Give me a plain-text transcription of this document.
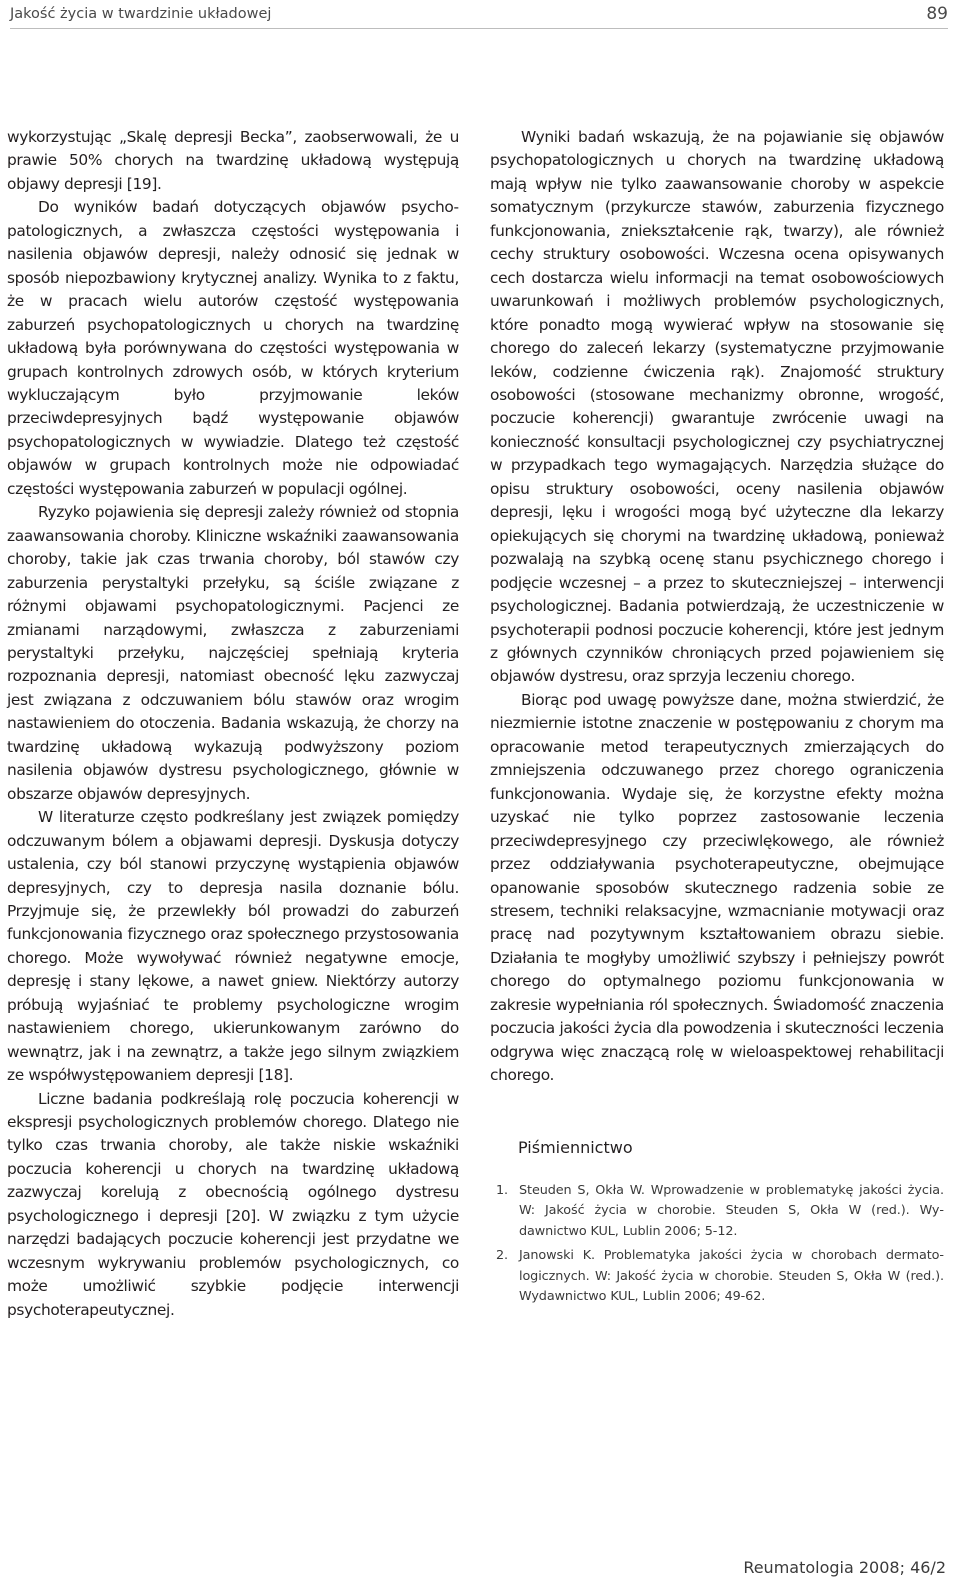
Jakość życia w twardzinie układowej	89

wykorzystując „Skalę depresji Becka”, zaobserwowali, że u prawie 50% chorych na twardzinę układową występują objawy depresji [19].

Do wyników badań dotyczących objawów psychopatologicznych, a zwłaszcza częstości występowania i nasilenia objawów depresji, należy odnosić się jednak w sposób niepozbawiony krytycznej analizy. Wynika to z faktu, że w pracach wielu autorów częstość występowania zaburzeń psychopatologicznych u chorych na twardzinę układową była porównywana do częstości występowania w grupach kontrolnych zdrowych osób, w których kryterium wykluczającym było przyjmowanie leków przeciwdepresyjnych bądź występowanie objawów psychopatologicznych w wywiadzie. Dlatego też częstość objawów w grupach kontrolnych może nie odpowiadać częstości występowania zaburzeń w populacji ogólnej.

Ryzyko pojawienia się depresji zależy również od stopnia zaawansowania choroby. Kliniczne wskaźniki zaawansowania choroby, takie jak czas trwania choroby, ból stawów czy zaburzenia perystaltyki przełyku, są ściśle związane z różnymi objawami psychopatologicznymi. Pacjenci ze zmianami narządowymi, zwłaszcza z zaburzeniami perystaltyki przełyku, najczęściej spełniają kryteria rozpoznania depresji, natomiast obecność lęku zazwyczaj jest związana z odczuwaniem bólu stawów oraz wrogim nastawieniem do otoczenia. Badania wskazują, że chorzy na twardzinę układową wykazują podwyższony poziom nasilenia objawów dystresu psychologicznego, głównie w obszarze objawów depresyjnych.

W literaturze często podkreślany jest związek pomiędzy odczuwanym bólem a objawami depresji. Dyskusja dotyczy ustalenia, czy ból stanowi przyczynę wystąpienia objawów depresyjnych, czy to depresja nasila doznanie bólu. Przyjmuje się, że przewlekły ból prowadzi do zaburzeń funkcjonowania fizycznego oraz społecznego przystosowania chorego. Może wywoływać również negatywne emocje, depresję i stany lękowe, a nawet gniew. Niektórzy autorzy próbują wyjaśniać te problemy psychologiczne wrogim nastawieniem chorego, ukierunkowanym zarówno do wewnątrz, jak i na zewnątrz, a także jego silnym związkiem ze współwystępowaniem depresji [18].

Liczne badania podkreślają rolę poczucia koherencji w ekspresji psychologicznych problemów chorego. Dlatego nie tylko czas trwania choroby, ale także niskie wskaźniki poczucia koherencji u chorych na twardzinę układową zazwyczaj korelują z obecnością ogólnego dystresu psychologicznego i depresji [20]. W związku z tym użycie narzędzi badających poczucie koherencji jest przydatne we wczesnym wykrywaniu problemów psychologicznych, co może umożliwić szybkie podjęcie interwencji psychoterapeutycznej.

Wyniki badań wskazują, że na pojawianie się objawów psychopatologicznych u chorych na twardzinę układową mają wpływ nie tylko zaawansowanie choroby w aspekcie somatycznym (przykurcze stawów, zaburzenia fizycznego funkcjonowania, zniekształcenie rąk, twarzy), ale również cechy struktury osobowości. Wczesna ocena opisywanych cech dostarcza wielu informacji na temat osobowościowych uwarunkowań i możliwych problemów psychologicznych, które ponadto mogą wywierać wpływ na stosowanie się chorego do zaleceń lekarzy (systematyczne przyjmowanie leków, codzienne ćwiczenia rąk). Znajomość struktury osobowości (stosowane mechanizmy obronne, wrogość, poczucie koherencji) gwarantuje zwrócenie uwagi na konieczność konsultacji psychologicznej czy psychiatrycznej w przypadkach tego wymagających. Narzędzia służące do opisu struktury osobowości, oceny nasilenia objawów depresji, lęku i wrogości mogą być użyteczne dla lekarzy opiekujących się chorymi na twardzinę układową, ponieważ pozwalają na szybką ocenę stanu psychicznego chorego i podjęcie wczesnej – a przez to skuteczniejszej – interwencji psychologicznej. Badania potwierdzają, że uczestniczenie w psychoterapii podnosi poczucie koherencji, które jest jednym z głównych czynników chroniących przed pojawieniem się objawów dystresu, oraz sprzyja leczeniu chorego.

Biorąc pod uwagę powyższe dane, można stwierdzić, że niezmiernie istotne znaczenie w postępowaniu z chorym ma opracowanie metod terapeutycznych zmierzających do zmniejszenia odczuwanego przez chorego ograniczenia funkcjonowania. Wydaje się, że korzystne efekty można uzyskać nie tylko poprzez zastosowanie leczenia przeciwdepresyjnego czy przeciwlękowego, ale również przez oddziaływania psychoterapeutyczne, obejmujące opanowanie sposobów skutecznego radzenia sobie ze stresem, techniki relaksacyjne, wzmacnianie motywacji oraz pracę nad pozytywnym kształtowaniem obrazu siebie. Działania te mogłyby umożliwić szybszy i pełniejszy powrót chorego do optymalnego poziomu funkcjonowania w zakresie wypełniania ról społecznych. Świadomość znaczenia poczucia jakości życia dla powodzenia i skuteczności leczenia odgrywa więc znaczącą rolę w wieloaspektowej rehabilitacji chorego.

Piśmiennictwo

1. Steuden S, Okła W. Wprowadzenie w problematykę jakości życia. W: Jakość życia w chorobie. Steuden S, Okła W (red.). Wydawnictwo KUL, Lublin 2006; 5-12.
2. Janowski K. Problematyka jakości życia w chorobach dermatologicznych. W: Jakość życia w chorobie. Steuden S, Okła W (red.). Wydawnictwo KUL, Lublin 2006; 49-62.
Reumatologia 2008; 46/2
